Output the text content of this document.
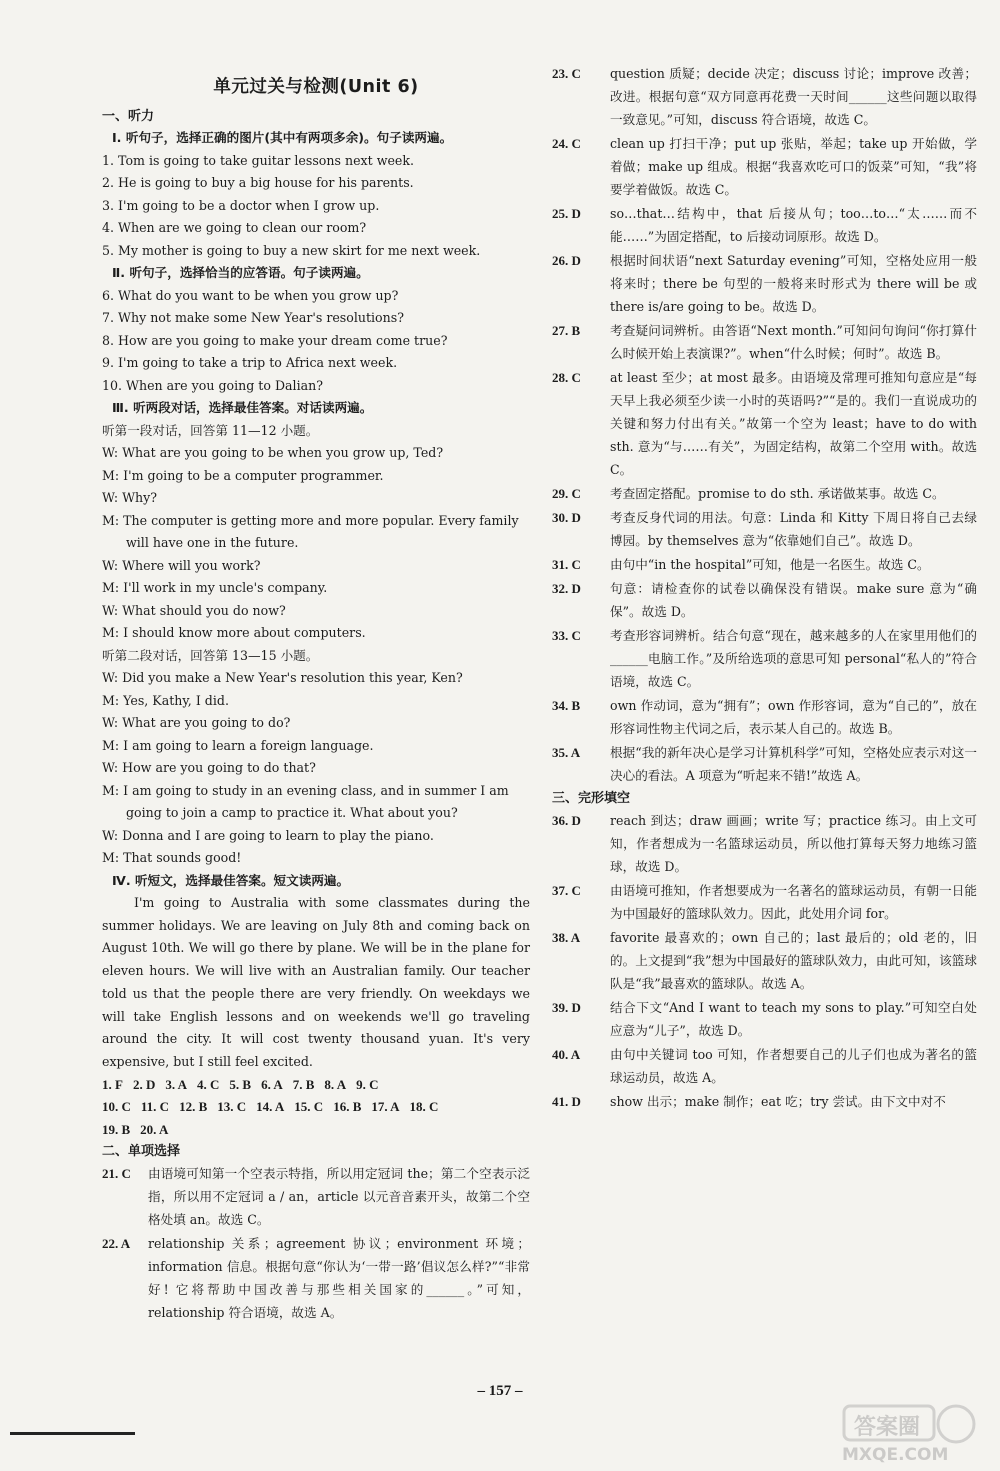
单元过关与检测(Unit 6)
一、听力
Ⅰ. 听句子，选择正确的图片(其中有两项多余)。句子读两遍。
1. Tom is going to take guitar lessons next week.
2. He is going to buy a big house for his parents.
3. I'm going to be a doctor when I grow up.
4. When are we going to clean our room?
5. My mother is going to buy a new skirt for me next week.
Ⅱ. 听句子，选择恰当的应答语。句子读两遍。
6. What do you want to be when you grow up?
7. Why not make some New Year's resolutions?
8. How are you going to make your dream come true?
9. I'm going to take a trip to Africa next week.
10. When are you going to Dalian?
Ⅲ. 听两段对话，选择最佳答案。对话读两遍。
听第一段对话，回答第 11—12 小题。
W: What are you going to be when you grow up, Ted?
M: I'm going to be a computer programmer.
W: Why?
M: The computer is getting more and more popular. Every family will have one in the future.
W: Where will you work?
M: I'll work in my uncle's company.
W: What should you do now?
M: I should know more about computers.
听第二段对话，回答第 13—15 小题。
W: Did you make a New Year's resolution this year, Ken?
M: Yes, Kathy, I did.
W: What are you going to do?
M: I am going to learn a foreign language.
W: How are you going to do that?
M: I am going to study in an evening class, and in summer I am going to join a camp to practice it. What about you?
W: Donna and I are going to learn to play the piano.
M: That sounds good!
Ⅳ. 听短文，选择最佳答案。短文读两遍。
I'm going to Australia with some classmates during the summer holidays. We are leaving on July 8th and coming back on August 10th. We will go there by plane. We will be in the plane for eleven hours. We will live with an Australian family. Our teacher told us that the people there are very friendly. On weekdays we will take English lessons and on weekends we'll go traveling around the city. It will cost twenty thousand yuan. It's very expensive, but I still feel excited.
1. F 2. D 3. A 4. C 5. B 6. A 7. B 8. A 9. C
10. C 11. C 12. B 13. C 14. A 15. C 16. B 17. A 18. C
19. B 20. A
二、单项选择
21. C	由语境可知第一个空表示特指，所以用定冠词 the；第二个空表示泛指，所以用不定冠词 a / an，article 以元音音素开头，故第二个空格处填 an。故选 C。
22. A	relationship 关系；agreement 协议；environment 环境；information 信息。根据句意“你认为‘一带一路’倡议怎么样?”“非常好! 它将帮助中国改善与那些相关国家的______。”可知，relationship 符合语境，故选 A。
23. C	question 质疑；decide 决定；discuss 讨论；improve 改善；改进。根据句意“双方同意再花费一天时间______这些问题以取得一致意见。”可知，discuss 符合语境，故选 C。
24. C	clean up 打扫干净；put up 张贴，举起；take up 开始做，学着做；make up 组成。根据“我喜欢吃可口的饭菜”可知，“我”将要学着做饭。故选 C。
25. D	so…that…结构中，that 后接从句；too…to…“太……而不能……”为固定搭配，to 后接动词原形。故选 D。
26. D	根据时间状语“next Saturday evening”可知，空格处应用一般将来时；there be 句型的一般将来时形式为 there will be 或 there is/are going to be。故选 D。
27. B	考查疑问词辨析。由答语“Next month.”可知问句询问“你打算什么时候开始上表演课?”。when“什么时候；何时”。故选 B。
28. C	at least 至少；at most 最多。由语境及常理可推知句意应是“每天早上我必须至少读一小时的英语吗?”“是的。我们一直说成功的关键和努力付出有关。”故第一个空为 least；have to do with sth. 意为“与……有关”，为固定结构，故第二个空用 with。故选 C。
29. C	考查固定搭配。promise to do sth. 承诺做某事。故选 C。
30. D	考查反身代词的用法。句意：Linda 和 Kitty 下周日将自己去绿博园。by themselves 意为“依靠她们自己”。故选 D。
31. C	由句中“in the hospital”可知，他是一名医生。故选 C。
32. D	句意：请检查你的试卷以确保没有错误。make sure 意为“确保”。故选 D。
33. C	考查形容词辨析。结合句意“现在，越来越多的人在家里用他们的______电脑工作。”及所给选项的意思可知 personal“私人的”符合语境，故选 C。
34. B	own 作动词，意为“拥有”；own 作形容词，意为“自己的”，放在形容词性物主代词之后，表示某人自己的。故选 B。
35. A	根据“我的新年决心是学习计算机科学”可知，空格处应表示对这一决心的看法。A 项意为“听起来不错!”故选 A。
三、完形填空
36. D	reach 到达；draw 画画；write 写；practice 练习。由上文可知，作者想成为一名篮球运动员，所以他打算每天努力地练习篮球，故选 D。
37. C	由语境可推知，作者想要成为一名著名的篮球运动员，有朝一日能为中国最好的篮球队效力。因此，此处用介词 for。
38. A	favorite 最喜欢的；own 自己的；last 最后的；old 老的，旧的。上文提到“我”想为中国最好的篮球队效力，由此可知，该篮球队是“我”最喜欢的篮球队。故选 A。
39. D	结合下文“And I want to teach my sons to play.”可知空白处应意为“儿子”，故选 D。
40. A	由句中关键词 too 可知，作者想要自己的儿子们也成为著名的篮球运动员，故选 A。
41. D	show 出示；make 制作；eat 吃；try 尝试。由下文中对不
– 157 –
答案圈
MXQE.COM
